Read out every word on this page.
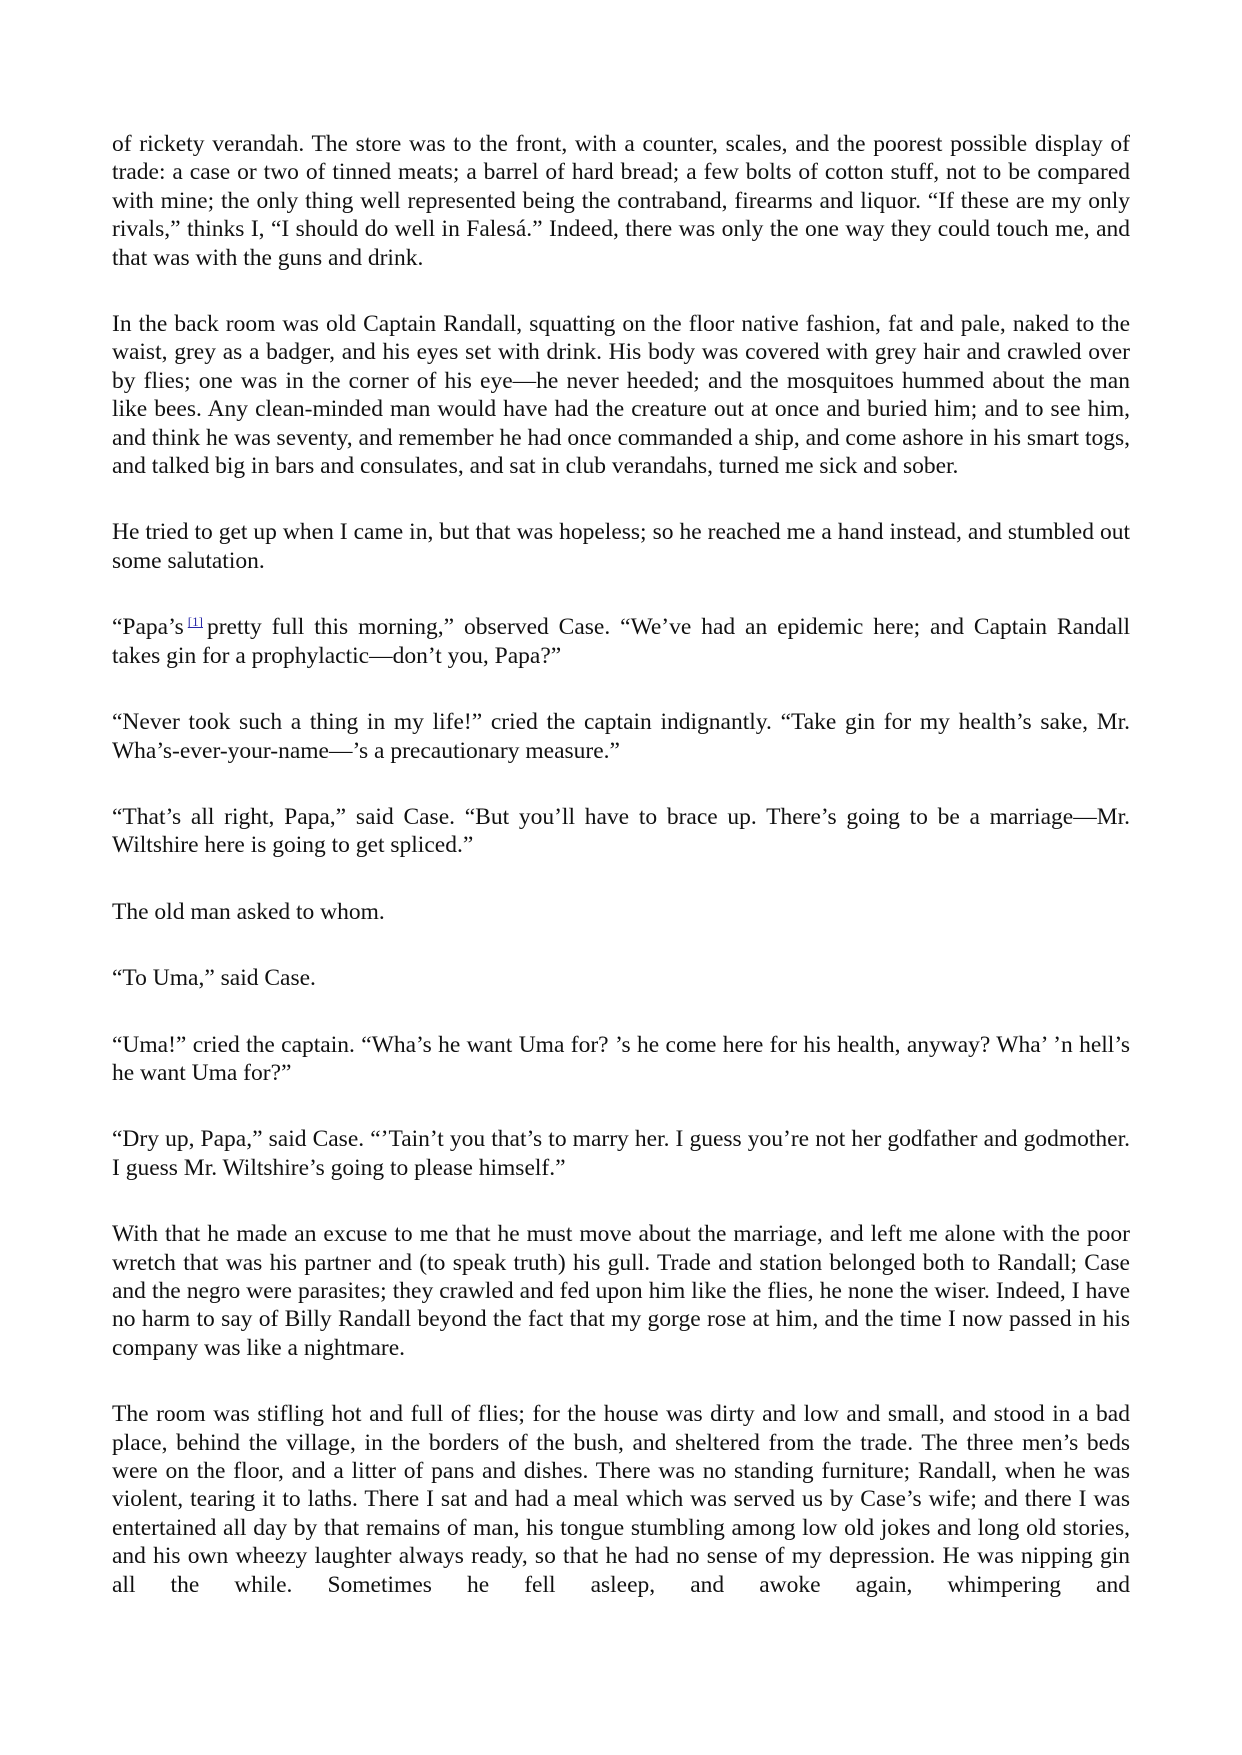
of rickety verandah. The store was to the front, with a counter, scales, and the poorest possible display of trade: a case or two of tinned meats; a barrel of hard bread; a few bolts of cotton stuff, not to be compared with mine; the only thing well represented being the contraband, firearms and liquor. “If these are my only rivals,” thinks I, “I should do well in Falesá.” Indeed, there was only the one way they could touch me, and that was with the guns and drink.

In the back room was old Captain Randall, squatting on the floor native fashion, fat and pale, naked to the waist, grey as a badger, and his eyes set with drink. His body was covered with grey hair and crawled over by flies; one was in the corner of his eye—he never heeded; and the mosquitoes hummed about the man like bees. Any clean-minded man would have had the creature out at once and buried him; and to see him, and think he was seventy, and remember he had once commanded a ship, and come ashore in his smart togs, and talked big in bars and consulates, and sat in club verandahs, turned me sick and sober.

He tried to get up when I came in, but that was hopeless; so he reached me a hand instead, and stumbled out some salutation.

“Papa’s [1] pretty full this morning,” observed Case. “We’ve had an epidemic here; and Captain Randall takes gin for a prophylactic—don’t you, Papa?”

“Never took such a thing in my life!” cried the captain indignantly. “Take gin for my health’s sake, Mr. Wha’s-ever-your-name—’s a precautionary measure.”

“That’s all right, Papa,” said Case. “But you’ll have to brace up. There’s going to be a marriage—Mr. Wiltshire here is going to get spliced.”

The old man asked to whom.

“To Uma,” said Case.

“Uma!” cried the captain. “Wha’s he want Uma for? ’s he come here for his health, anyway? Wha’ ’n hell’s he want Uma for?”

“Dry up, Papa,” said Case. “’Tain’t you that’s to marry her. I guess you’re not her godfather and godmother. I guess Mr. Wiltshire’s going to please himself.”

With that he made an excuse to me that he must move about the marriage, and left me alone with the poor wretch that was his partner and (to speak truth) his gull. Trade and station belonged both to Randall; Case and the negro were parasites; they crawled and fed upon him like the flies, he none the wiser. Indeed, I have no harm to say of Billy Randall beyond the fact that my gorge rose at him, and the time I now passed in his company was like a nightmare.

The room was stifling hot and full of flies; for the house was dirty and low and small, and stood in a bad place, behind the village, in the borders of the bush, and sheltered from the trade. The three men’s beds were on the floor, and a litter of pans and dishes. There was no standing furniture; Randall, when he was violent, tearing it to laths. There I sat and had a meal which was served us by Case’s wife; and there I was entertained all day by that remains of man, his tongue stumbling among low old jokes and long old stories, and his own wheezy laughter always ready, so that he had no sense of my depression. He was nipping gin all the while. Sometimes he fell asleep, and awoke again, whimpering and
